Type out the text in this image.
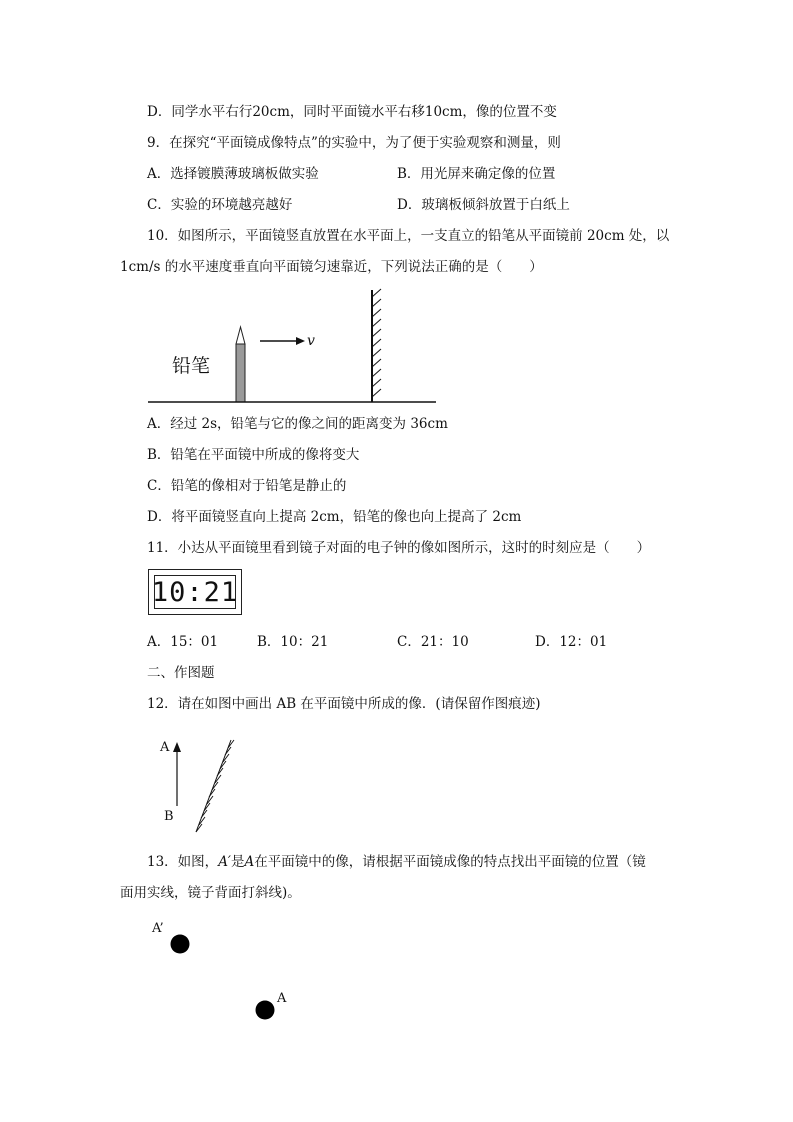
D．同学水平右行20cm，同时平面镜水平右移10cm，像的位置不变
9．在探究“平面镜成像特点”的实验中，为了便于实验观察和测量，则
A．选择镀膜薄玻璃板做实验	B．用光屏来确定像的位置
C．实验的环境越亮越好	D．玻璃板倾斜放置于白纸上
10．如图所示，平面镜竖直放置在水平面上，一支直立的铅笔从平面镜前 20cm 处，以
1cm/s 的水平速度垂直向平面镜匀速靠近，下列说法正确的是（　　）
铅笔
v
A．经过 2s，铅笔与它的像之间的距离变为 36cm
B．铅笔在平面镜中所成的像将变大
C．铅笔的像相对于铅笔是静止的
D．将平面镜竖直向上提高 2cm，铅笔的像也向上提高了 2cm
11．小达从平面镜里看到镜子对面的电子钟的像如图所示，这时的时刻应是（　　）
10:21
A．15：01	B．10：21	C．21：10	D．12：01
二、作图题
12．请在如图中画出 AB 在平面镜中所成的像．(请保留作图痕迹)
A
B
13．如图，A′是A在平面镜中的像，请根据平面镜成像的特点找出平面镜的位置（镜
面用实线，镜子背面打斜线)。
A’
A
